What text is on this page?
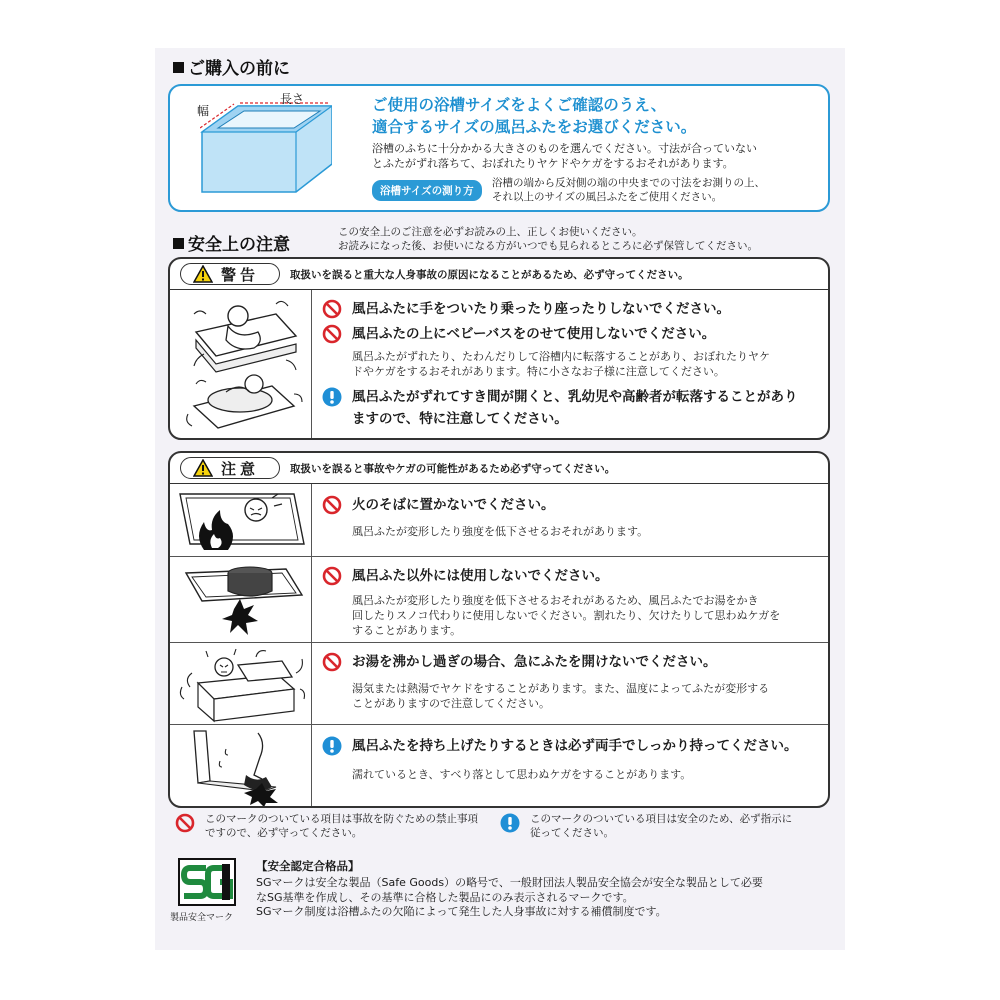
ご購入の前に
長さ
幅	ご使用の浴槽サイズをよくご確認のうえ、
適合するサイズの風呂ふたをお選びください。
浴槽のふちに十分かかる大きさのものを選んでください。寸法が合っていない
とふたがずれ落ちて、おぼれたりヤケドやケガをするおそれがあります。
浴槽サイズの測り方
浴槽の端から反対側の端の中央までの寸法をお測りの上、
それ以上のサイズの風呂ふたをご使用ください。
安全上の注意
この安全上のご注意を必ずお読みの上、正しくお使いください。
お読みになった後、お使いになる方がいつでも見られるところに必ず保管してください。
警告	取扱いを誤ると重大な人身事故の原因になることがあるため、必ず守ってください。
風呂ふたに手をついたり乗ったり座ったりしないでください。
風呂ふたの上にベビーバスをのせて使用しないでください。
風呂ふたがずれたり、たわんだりして浴槽内に転落することがあり、おぼれたりヤケ
ドやケガをするおそれがあります。特に小さなお子様に注意してください。
風呂ふたがずれてすき間が開くと、乳幼児や高齢者が転落することがあり
ますので、特に注意してください。
注意	取扱いを誤ると事故やケガの可能性があるため必ず守ってください。
火のそばに置かないでください。
風呂ふたが変形したり強度を低下させるおそれがあります。
風呂ふた以外には使用しないでください。
風呂ふたが変形したり強度を低下させるおそれがあるため、風呂ふたでお湯をかき
回したりスノコ代わりに使用しないでください。割れたり、欠けたりして思わぬケガを
することがあります。
お湯を沸かし過ぎの場合、急にふたを開けないでください。
湯気または熱湯でヤケドをすることがあります。また、温度によってふたが変形する
ことがありますので注意してください。
風呂ふたを持ち上げたりするときは必ず両手でしっかり持ってください。
濡れているとき、すべり落として思わぬケガをすることがあります。
このマークのついている項目は事故を防ぐための禁止事項
ですので、必ず守ってください。
このマークのついている項目は安全のため、必ず指示に
従ってください。
製品安全マーク
【安全認定合格品】
SGマークは安全な製品（Safe Goods）の略号で、一般財団法人製品安全協会が安全な製品として必要
なSG基準を作成し、その基準に合格した製品にのみ表示されるマークです。
SGマーク制度は浴槽ふたの欠陥によって発生した人身事故に対する補償制度です。
